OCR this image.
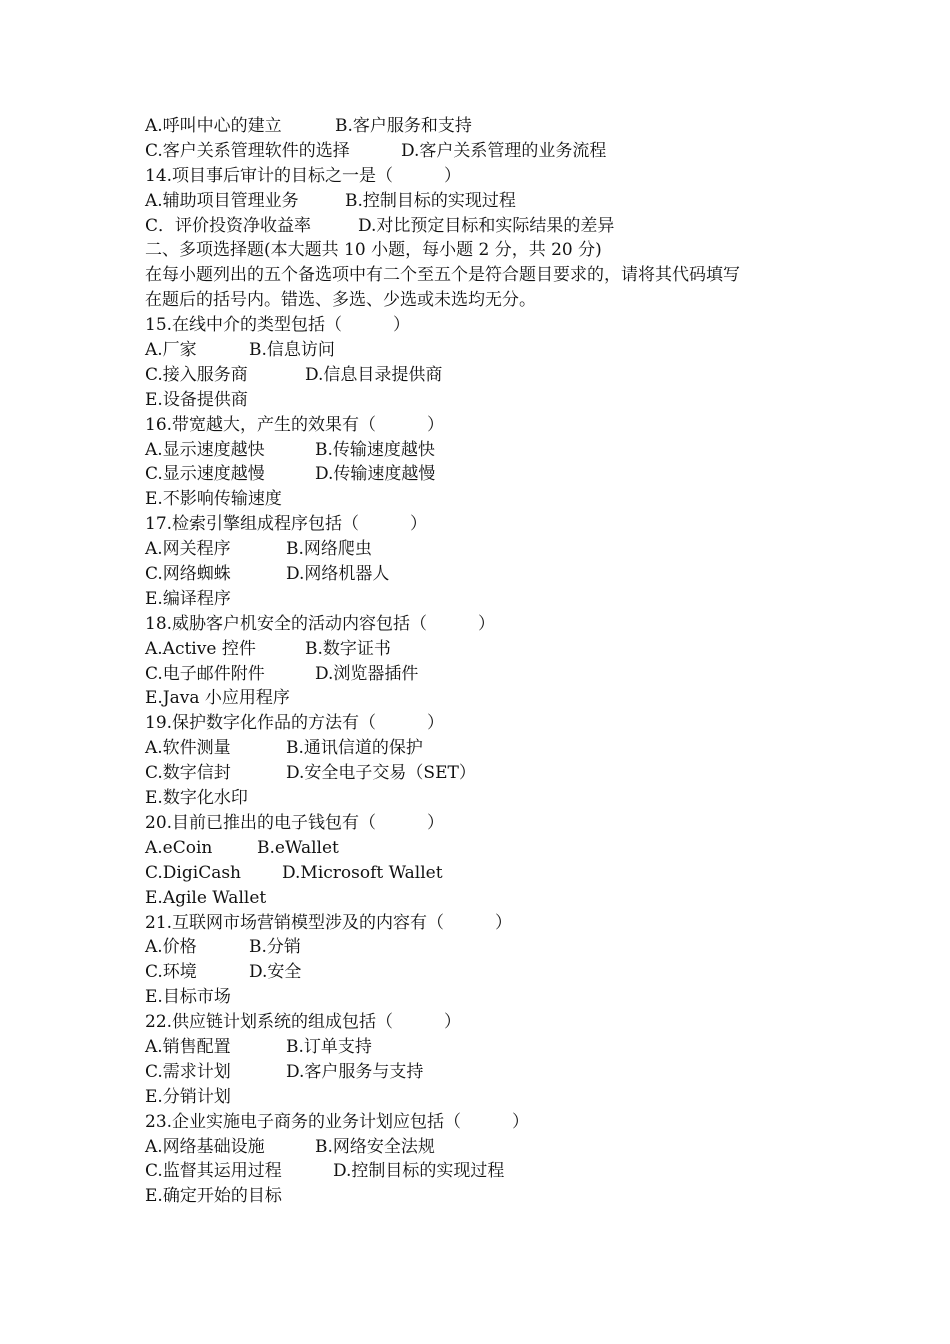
A.呼叫中心的建立	B.客户服务和支持
C.客户关系管理软件的选择	D.客户关系管理的业务流程
14.项目事后审计的目标之一是（　　　）
A.辅助项目管理业务	B.控制目标的实现过程
C．评价投资净收益率	D.对比预定目标和实际结果的差异
二、多项选择题(本大题共 10 小题，每小题 2 分，共 20 分)
在每小题列出的五个备选项中有二个至五个是符合题目要求的，请将其代码填写
在题后的括号内。错选、多选、少选或未选均无分。
15.在线中介的类型包括（　　　）
A.厂家	B.信息访问
C.接入服务商	D.信息目录提供商
E.设备提供商
16.带宽越大，产生的效果有（　　　）
A.显示速度越快	B.传输速度越快
C.显示速度越慢	D.传输速度越慢
E.不影响传输速度
17.检索引擎组成程序包括（　　　）
A.网关程序	B.网络爬虫
C.网络蜘蛛	D.网络机器人
E.编译程序
18.威胁客户机安全的活动内容包括（　　　）
A.Active 控件	B.数字证书
C.电子邮件附件	D.浏览器插件
E.Java 小应用程序
19.保护数字化作品的方法有（　　　）
A.软件测量	B.通讯信道的保护
C.数字信封	D.安全电子交易（SET）
E.数字化水印
20.目前已推出的电子钱包有（　　　）
A.eCoin	B.eWallet
C.DigiCash D.Microsoft Wallet
E.Agile Wallet
21.互联网市场营销模型涉及的内容有（　　　）
A.价格	B.分销
C.环境	D.安全
E.目标市场
22.供应链计划系统的组成包括（　　　）
A.销售配置	B.订单支持
C.需求计划	D.客户服务与支持
E.分销计划
23.企业实施电子商务的业务计划应包括（　　　）
A.网络基础设施	B.网络安全法规
C.监督其运用过程	D.控制目标的实现过程
E.确定开始的目标
